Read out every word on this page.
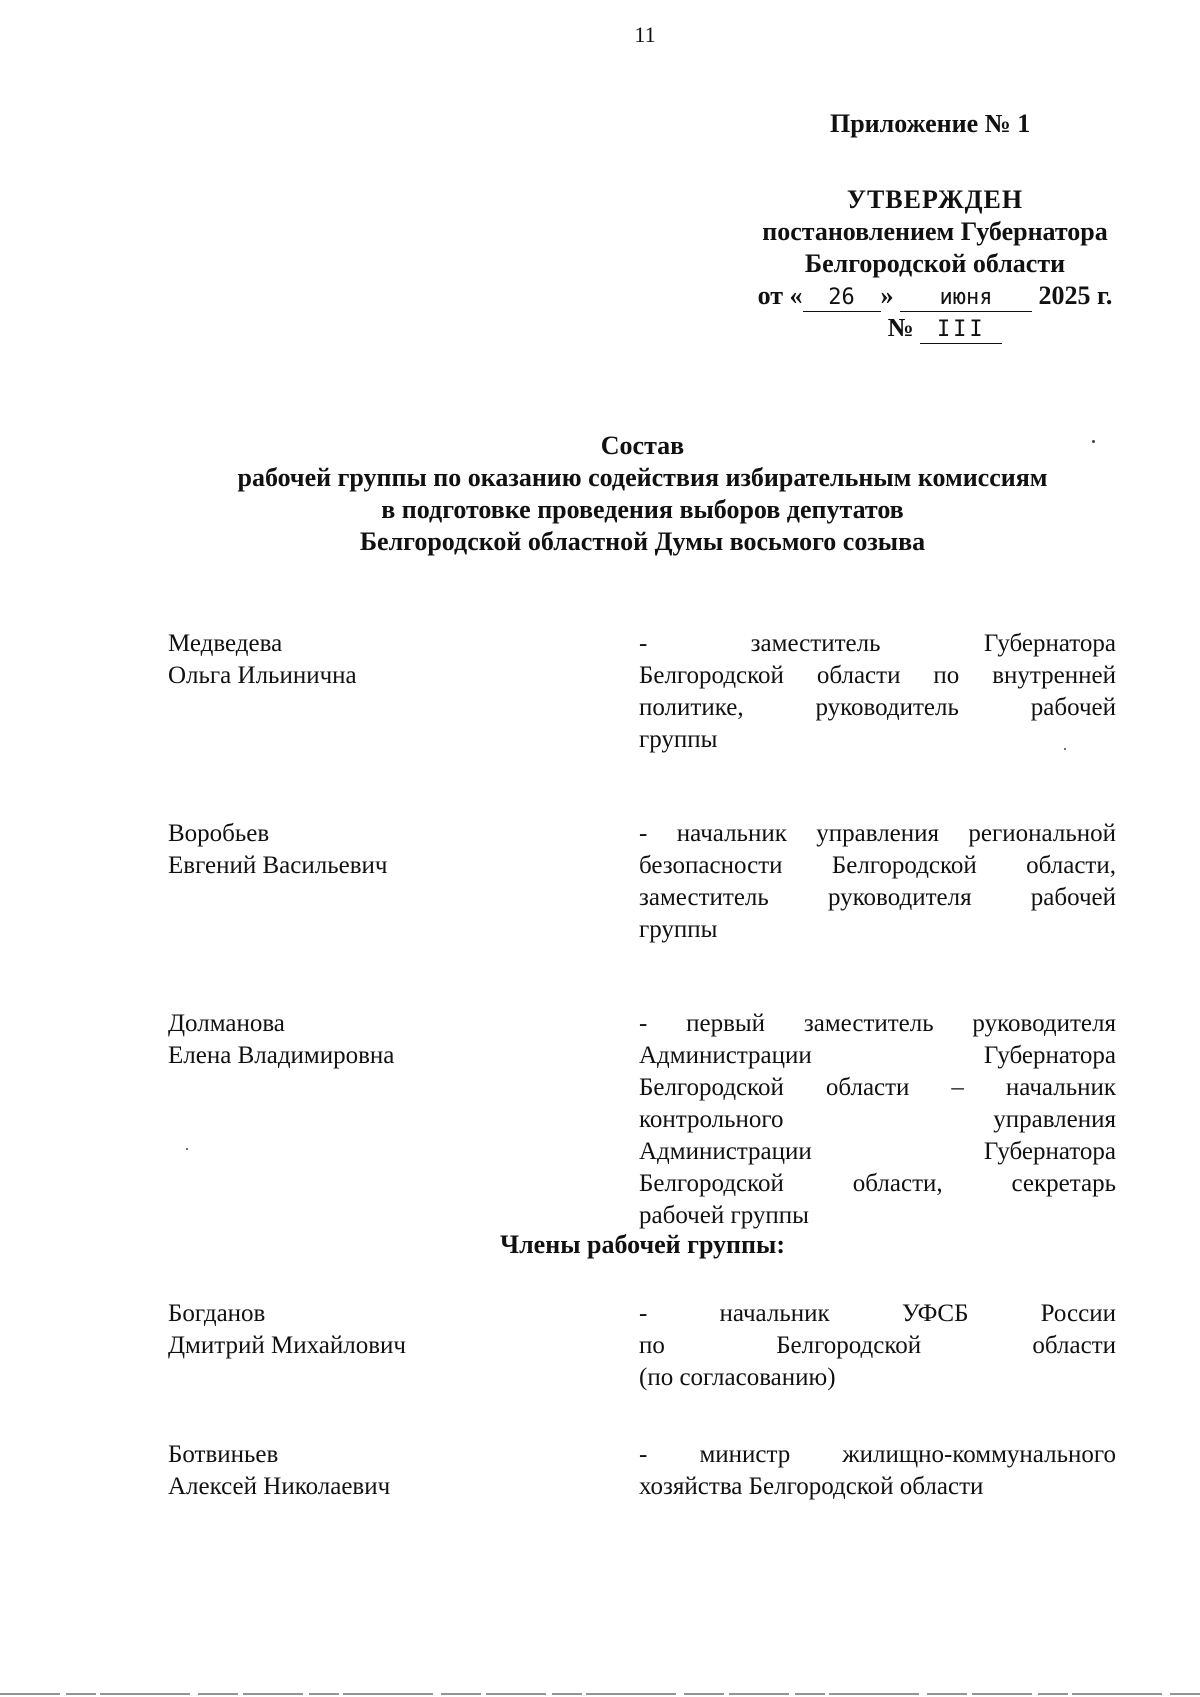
11
Приложение № 1
УТВЕРЖДЕН
постановлением Губернатора
Белгородской области
от « 26 » июня 2025 г.
№ III
Состав
рабочей группы по оказанию содействия избирательным комиссиям
в подготовке проведения выборов депутатов
Белгородской областной Думы восьмого созыва
Медведева
Ольга Ильинична
- заместитель Губернатора
Белгородской области по внутренней
политике, руководитель рабочей
группы
Воробьев
Евгений Васильевич
- начальник управления региональной
безопасности Белгородской области,
заместитель руководителя рабочей
группы
Долманова
Елена Владимировна
- первый заместитель руководителя
Администрации Губернатора
Белгородской области – начальник
контрольного управления
Администрации Губернатора
Белгородской области, секретарь
рабочей группы
Члены рабочей группы:
Богданов
Дмитрий Михайлович
- начальник УФСБ России
по Белгородской области
(по согласованию)
Ботвиньев
Алексей Николаевич
- министр жилищно-коммунального
хозяйства Белгородской области
